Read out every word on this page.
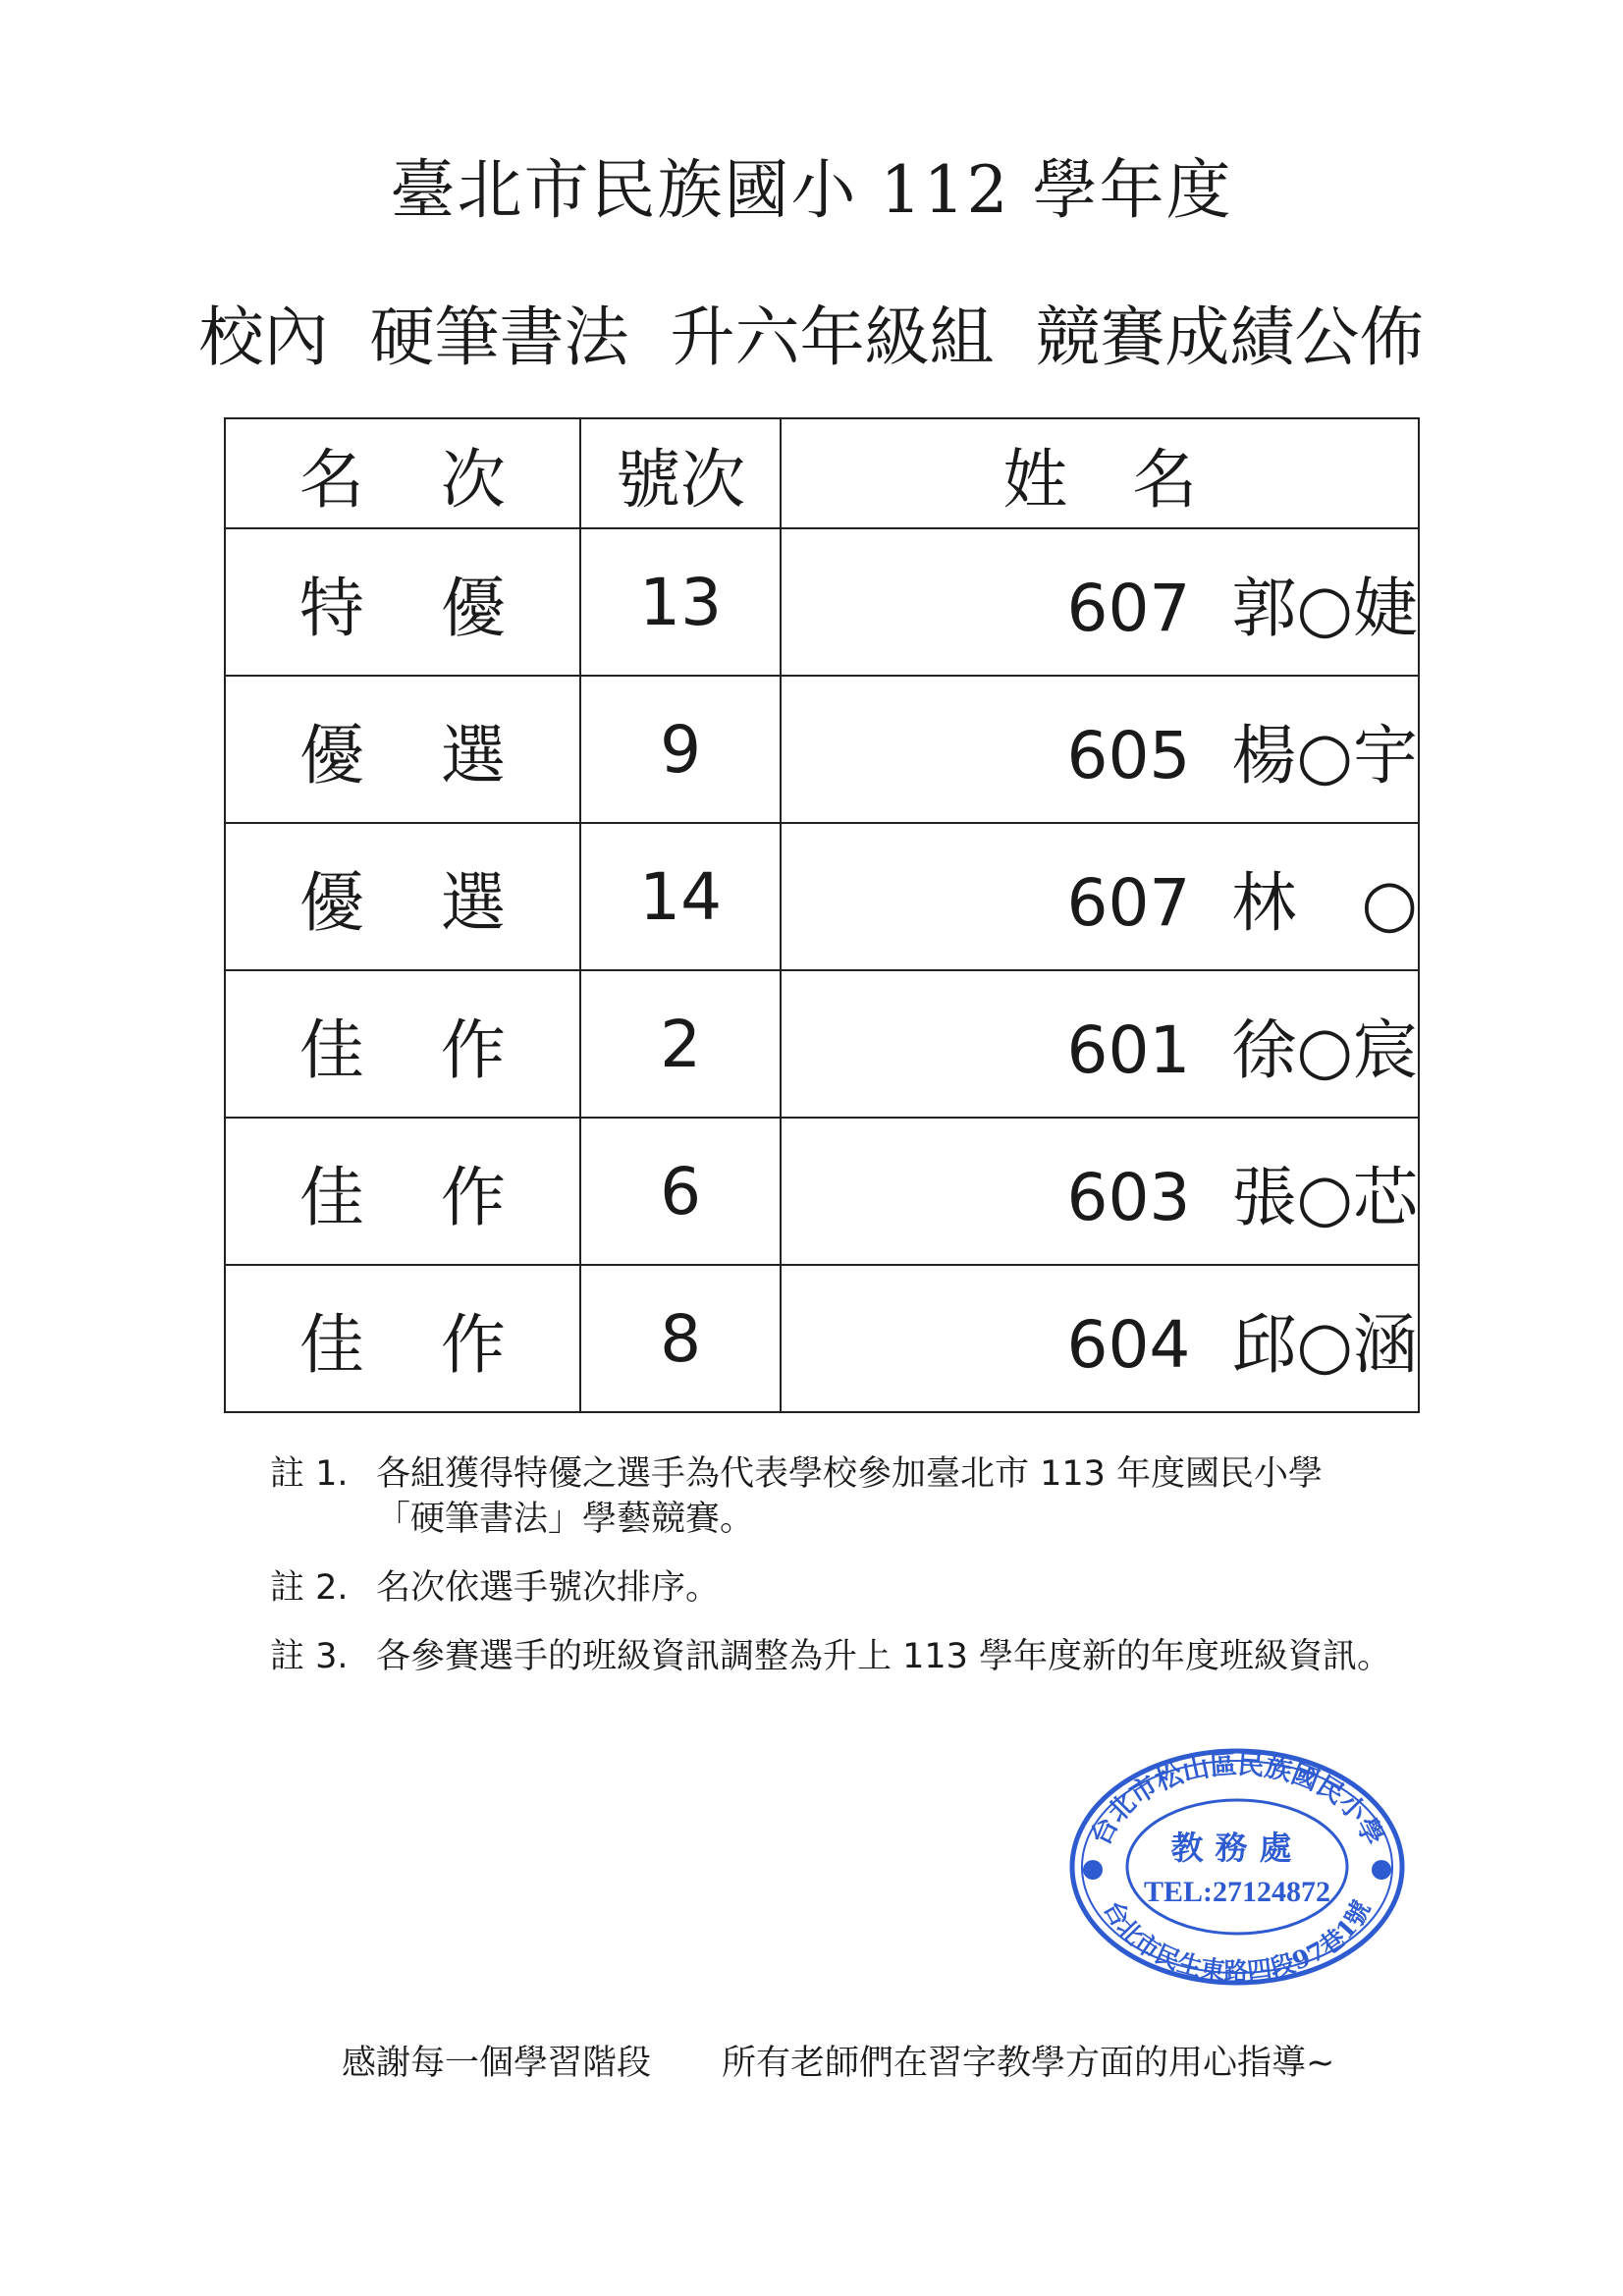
臺北市民族國小 112 學年度
校內  硬筆書法  升六年級組  競賽成績公佈
名次	號次	姓　名
特優	13	607 郭○婕
優選	9	605 楊○宇
優選	14	607 林　○
佳作	2	601 徐○宸
佳作	6	603 張○芯
佳作	8	604 邱○涵
註 1. 各組獲得特優之選手為代表學校參加臺北市 113 年度國民小學
「硬筆書法」學藝競賽。
註 2. 名次依選手號次排序。
註 3. 各參賽選手的班級資訊調整為升上 113 學年度新的年度班級資訊。
台北市松山區民族國民小學
台北市民生東路四段97巷1號
教務處
TEL:27124872
感謝每一個學習階段 所有老師們在習字教學方面的用心指導~
